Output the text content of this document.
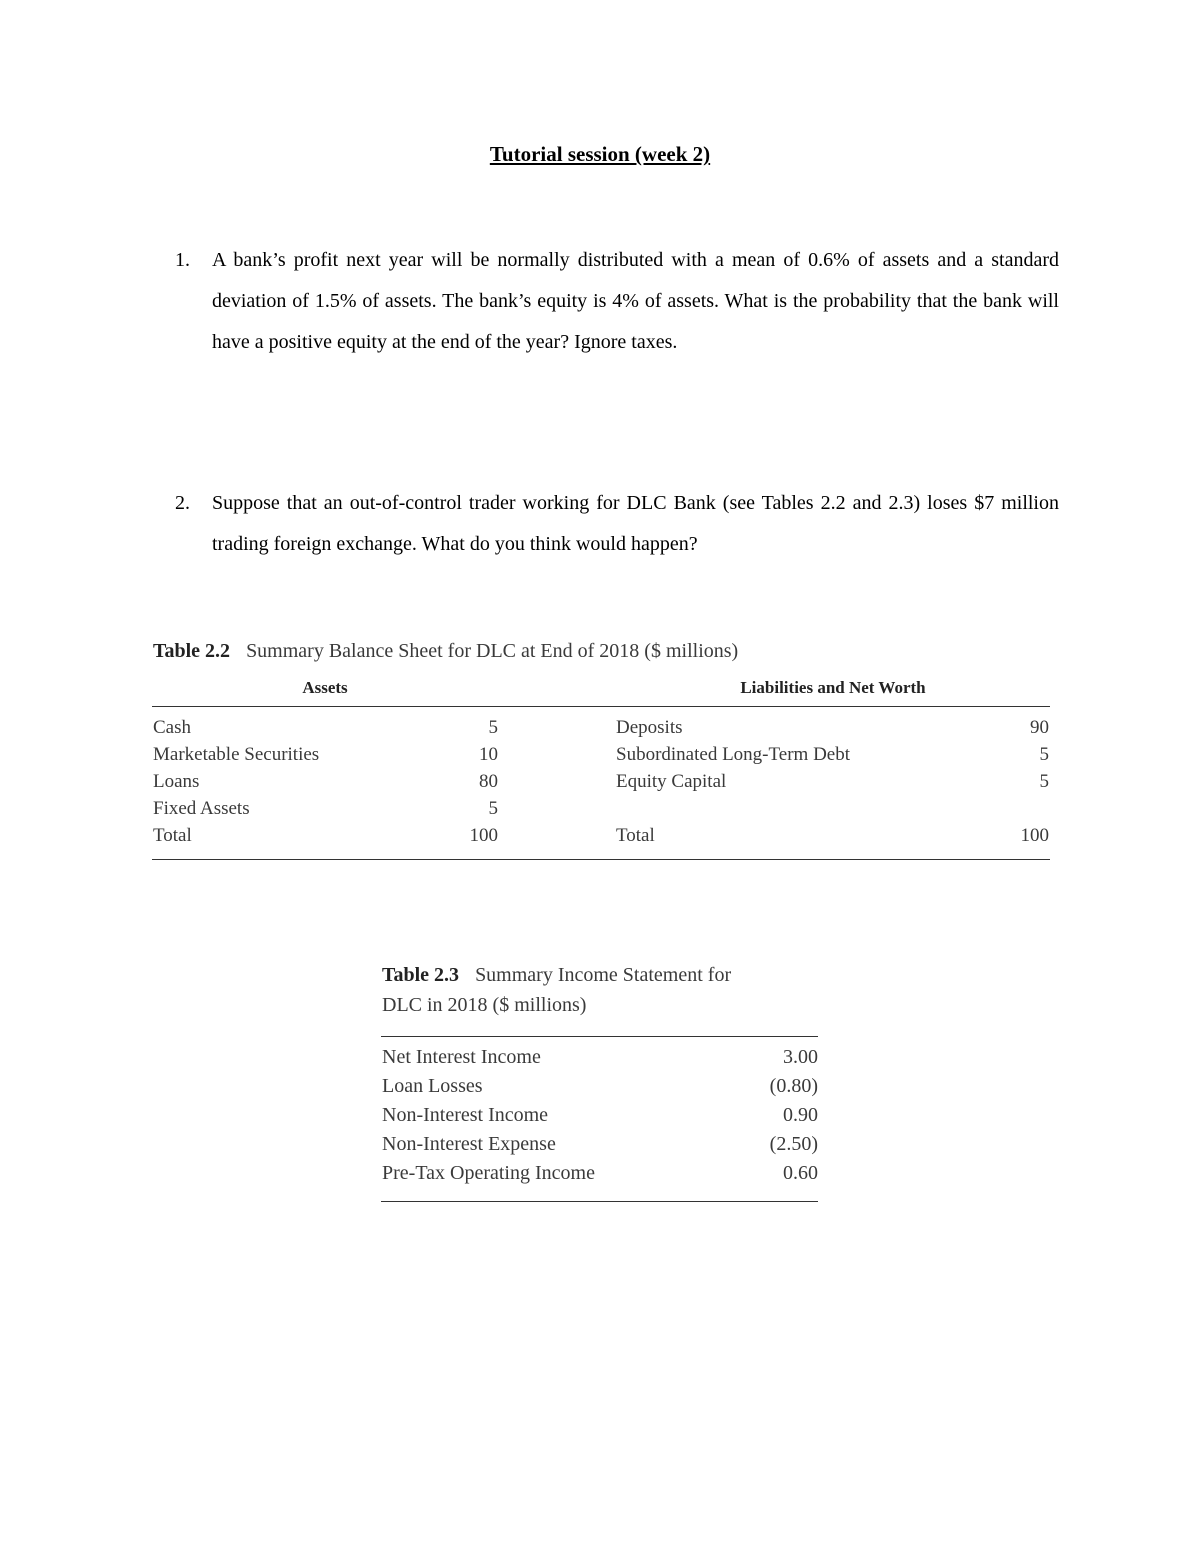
Tutorial session (week 2)
1. A bank’s profit next year will be normally distributed with a mean of 0.6% of assets and a standard deviation of 1.5% of assets. The bank’s equity is 4% of assets. What is the probability that the bank will have a positive equity at the end of the year? Ignore taxes.
2. Suppose that an out-of-control trader working for DLC Bank (see Tables 2.2 and 2.3) loses $7 million trading foreign exchange. What do you think would happen?
Table 2.2 Summary Balance Sheet for DLC at End of 2018 ($ millions)
Assets	Liabilities and Net Worth
Cash	5	Deposits	90
Marketable Securities	10	Subordinated Long-Term Debt	5
Loans	80	Equity Capital	5
Fixed Assets	5
Total	100	Total	100
Table 2.3 Summary Income Statement for
DLC in 2018 ($ millions)
Net Interest Income	3.00
Loan Losses	(0.80)
Non-Interest Income	0.90
Non-Interest Expense	(2.50)
Pre-Tax Operating Income	0.60
